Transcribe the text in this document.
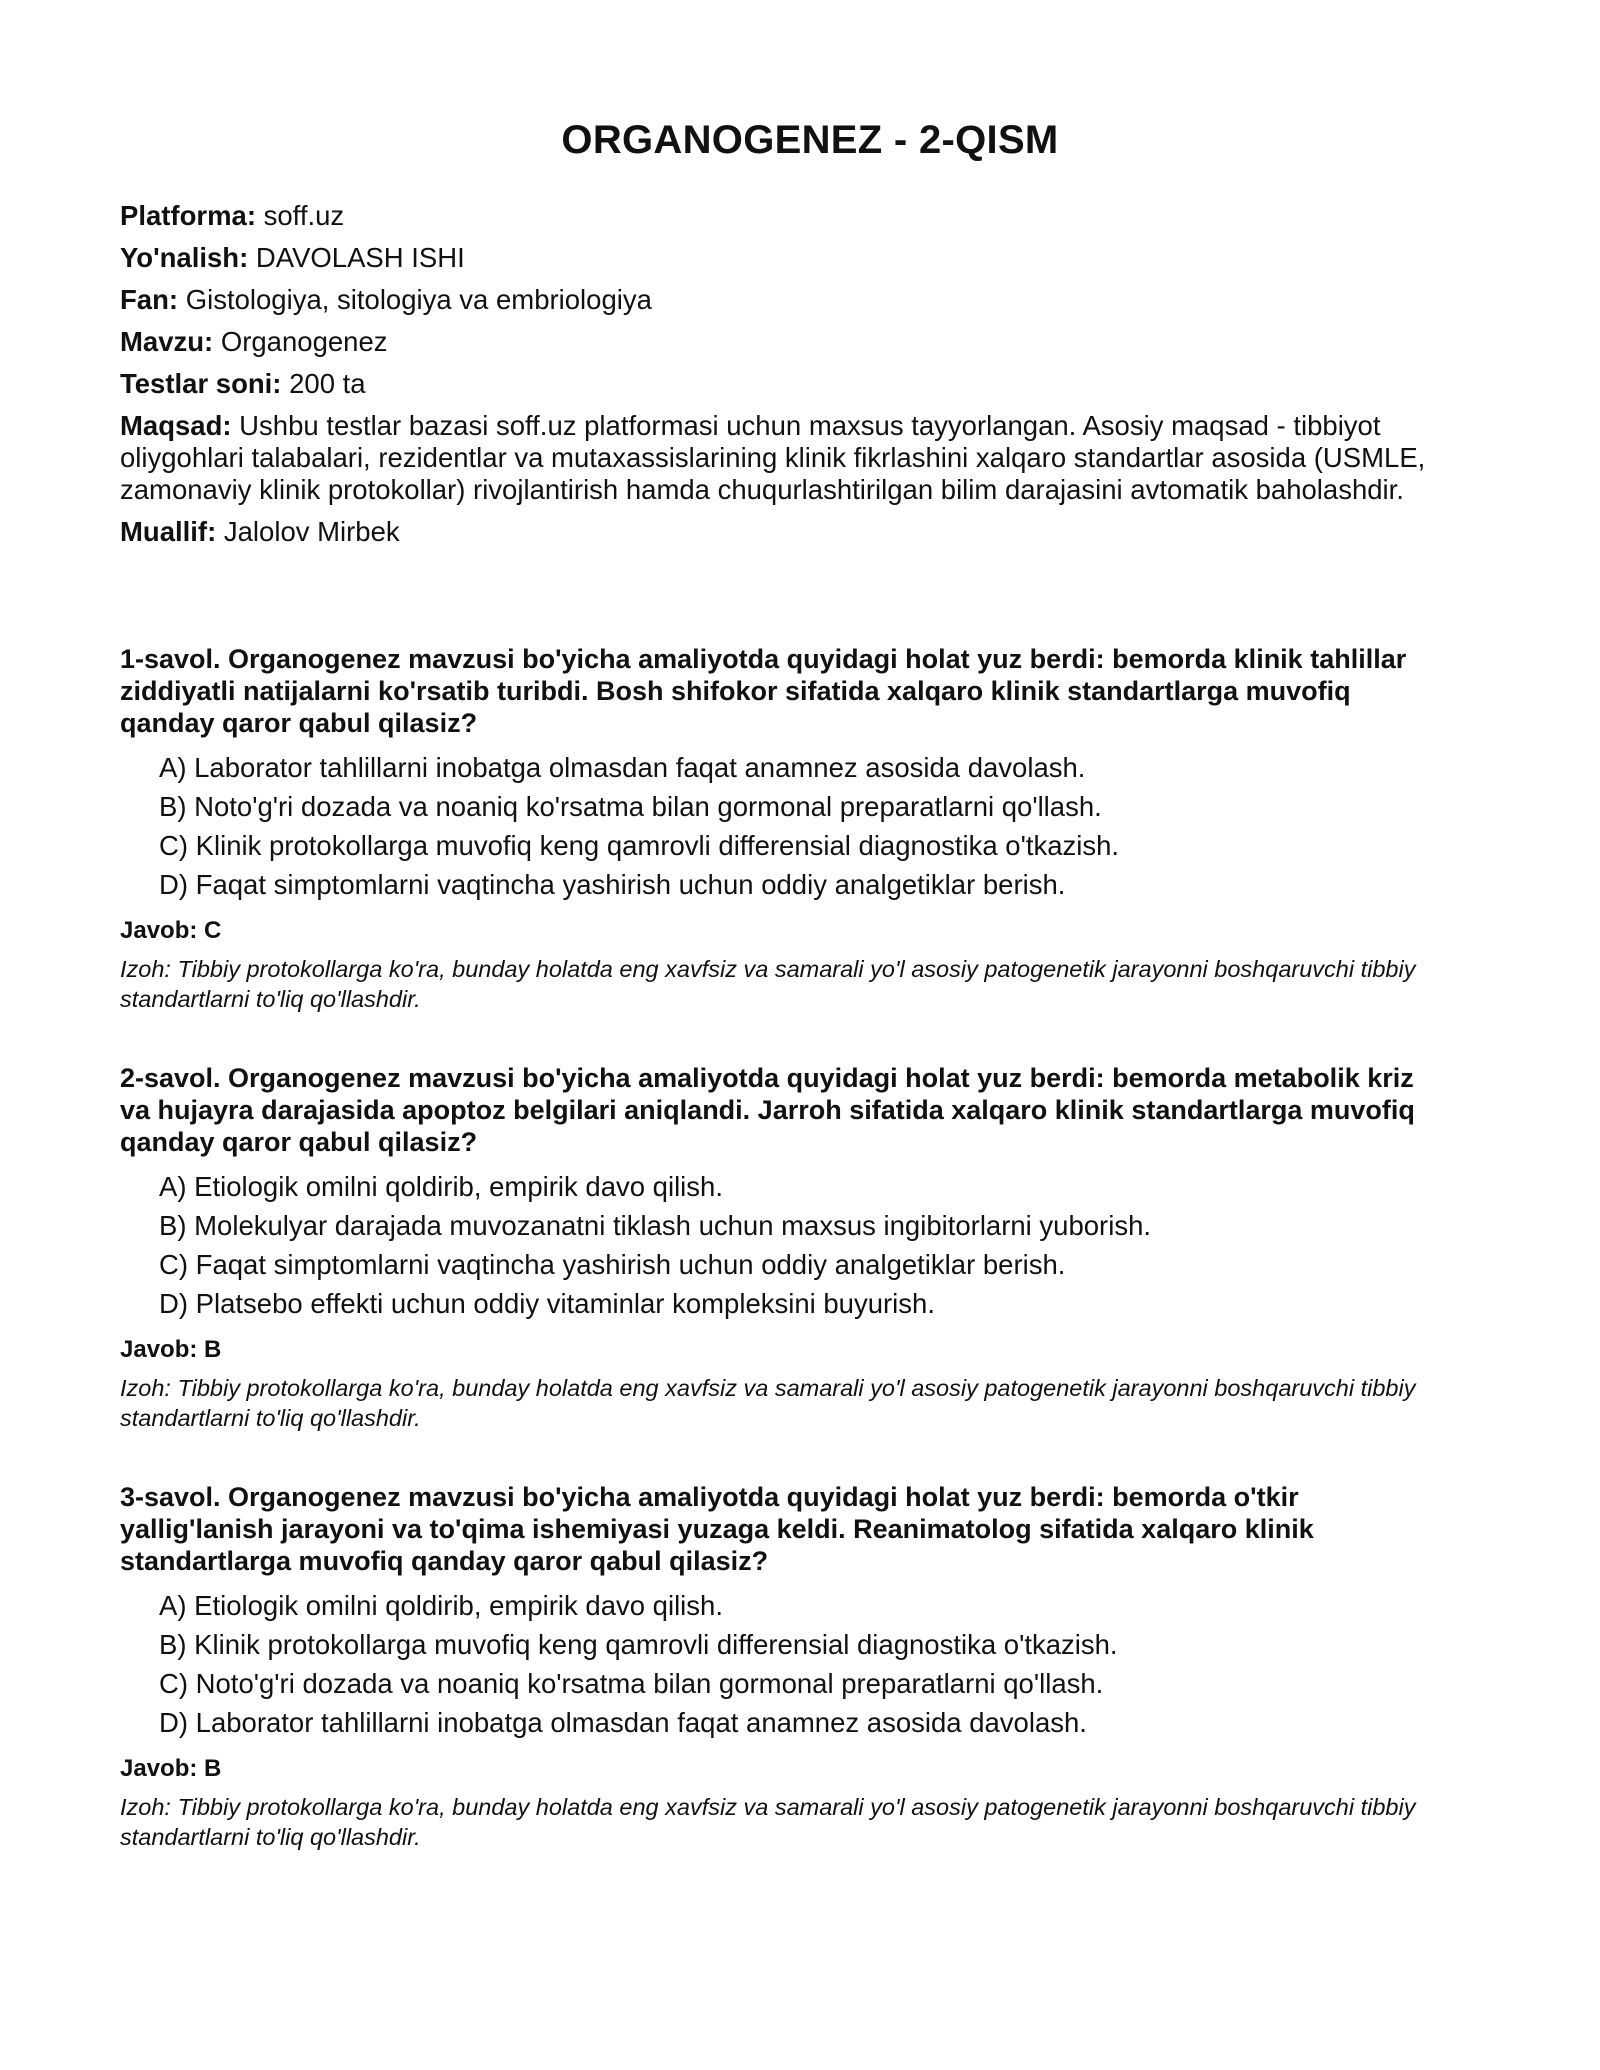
ORGANOGENEZ - 2-QISM

Platforma: soff.uz

Yo'nalish: DAVOLASH ISHI

Fan: Gistologiya, sitologiya va embriologiya

Mavzu: Organogenez

Testlar soni: 200 ta

Maqsad: Ushbu testlar bazasi soff.uz platformasi uchun maxsus tayyorlangan. Asosiy maqsad - tibbiyot oliygohlari talabalari, rezidentlar va mutaxassislarining klinik fikrlashini xalqaro standartlar asosida (USMLE, zamonaviy klinik protokollar) rivojlantirish hamda chuqurlashtirilgan bilim darajasini avtomatik baholashdir.

Muallif: Jalolov Mirbek

1-savol. Organogenez mavzusi bo'yicha amaliyotda quyidagi holat yuz berdi: bemorda klinik tahlillar ziddiyatli natijalarni ko'rsatib turibdi. Bosh shifokor sifatida xalqaro klinik standartlarga muvofiq qanday qaror qabul qilasiz?

A) Laborator tahlillarni inobatga olmasdan faqat anamnez asosida davolash.
B) Noto'g'ri dozada va noaniq ko'rsatma bilan gormonal preparatlarni qo'llash.
C) Klinik protokollarga muvofiq keng qamrovli differensial diagnostika o'tkazish.
D) Faqat simptomlarni vaqtincha yashirish uchun oddiy analgetiklar berish.

Javob: C

Izoh: Tibbiy protokollarga ko'ra, bunday holatda eng xavfsiz va samarali yo'l asosiy patogenetik jarayonni boshqaruvchi tibbiy standartlarni to'liq qo'llashdir.

2-savol. Organogenez mavzusi bo'yicha amaliyotda quyidagi holat yuz berdi: bemorda metabolik kriz va hujayra darajasida apoptoz belgilari aniqlandi. Jarroh sifatida xalqaro klinik standartlarga muvofiq qanday qaror qabul qilasiz?

A) Etiologik omilni qoldirib, empirik davo qilish.
B) Molekulyar darajada muvozanatni tiklash uchun maxsus ingibitorlarni yuborish.
C) Faqat simptomlarni vaqtincha yashirish uchun oddiy analgetiklar berish.
D) Platsebo effekti uchun oddiy vitaminlar kompleksini buyurish.

Javob: B

Izoh: Tibbiy protokollarga ko'ra, bunday holatda eng xavfsiz va samarali yo'l asosiy patogenetik jarayonni boshqaruvchi tibbiy standartlarni to'liq qo'llashdir.

3-savol. Organogenez mavzusi bo'yicha amaliyotda quyidagi holat yuz berdi: bemorda o'tkir yallig'lanish jarayoni va to'qima ishemiyasi yuzaga keldi. Reanimatolog sifatida xalqaro klinik standartlarga muvofiq qanday qaror qabul qilasiz?

A) Etiologik omilni qoldirib, empirik davo qilish.
B) Klinik protokollarga muvofiq keng qamrovli differensial diagnostika o'tkazish.
C) Noto'g'ri dozada va noaniq ko'rsatma bilan gormonal preparatlarni qo'llash.
D) Laborator tahlillarni inobatga olmasdan faqat anamnez asosida davolash.

Javob: B

Izoh: Tibbiy protokollarga ko'ra, bunday holatda eng xavfsiz va samarali yo'l asosiy patogenetik jarayonni boshqaruvchi tibbiy standartlarni to'liq qo'llashdir.
